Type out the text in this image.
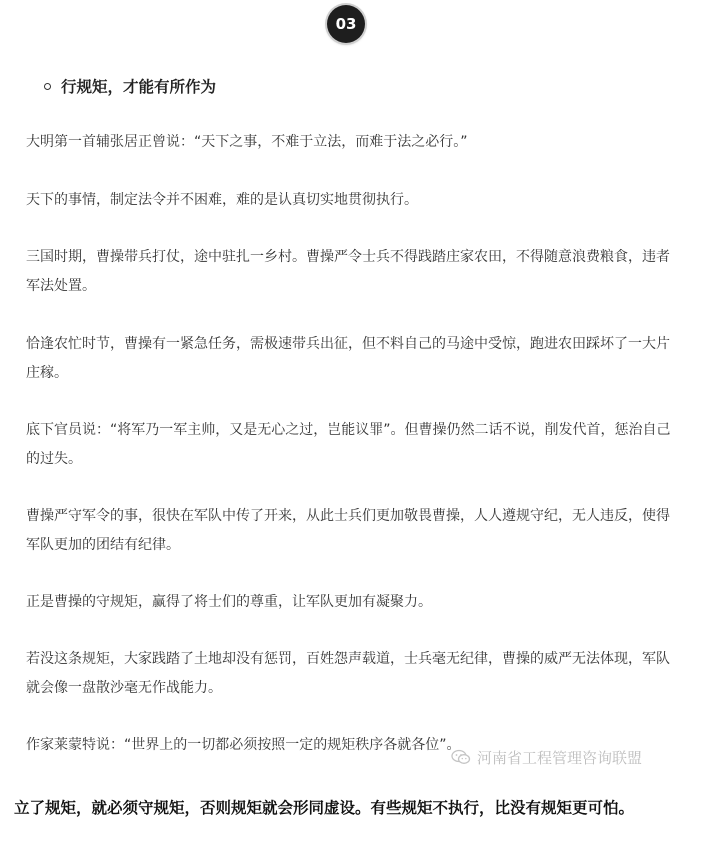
03
行规矩，才能有所作为

大明第一首辅张居正曾说：“天下之事，不难于立法，而难于法之必行。”

天下的事情，制定法令并不困难，难的是认真切实地贯彻执行。

三国时期，曹操带兵打仗，途中驻扎一乡村。曹操严令士兵不得践踏庄家农田，不得随意浪费粮食，违者军法处置。

恰逢农忙时节，曹操有一紧急任务，需极速带兵出征，但不料自己的马途中受惊，跑进农田踩坏了一大片庄稼。

底下官员说：“将军乃一军主帅，又是无心之过，岂能议罪”。但曹操仍然二话不说，削发代首，惩治自己的过失。

曹操严守军令的事，很快在军队中传了开来，从此士兵们更加敬畏曹操，人人遵规守纪，无人违反，使得军队更加的团结有纪律。

正是曹操的守规矩，赢得了将士们的尊重，让军队更加有凝聚力。

若没这条规矩，大家践踏了土地却没有惩罚，百姓怨声载道，士兵毫无纪律，曹操的威严无法体现，军队就会像一盘散沙毫无作战能力。

作家莱蒙特说：“世界上的一切都必须按照一定的规矩秩序各就各位”。

河南省工程管理咨询联盟

立了规矩，就必须守规矩，否则规矩就会形同虚设。有些规矩不执行，比没有规矩更可怕。
